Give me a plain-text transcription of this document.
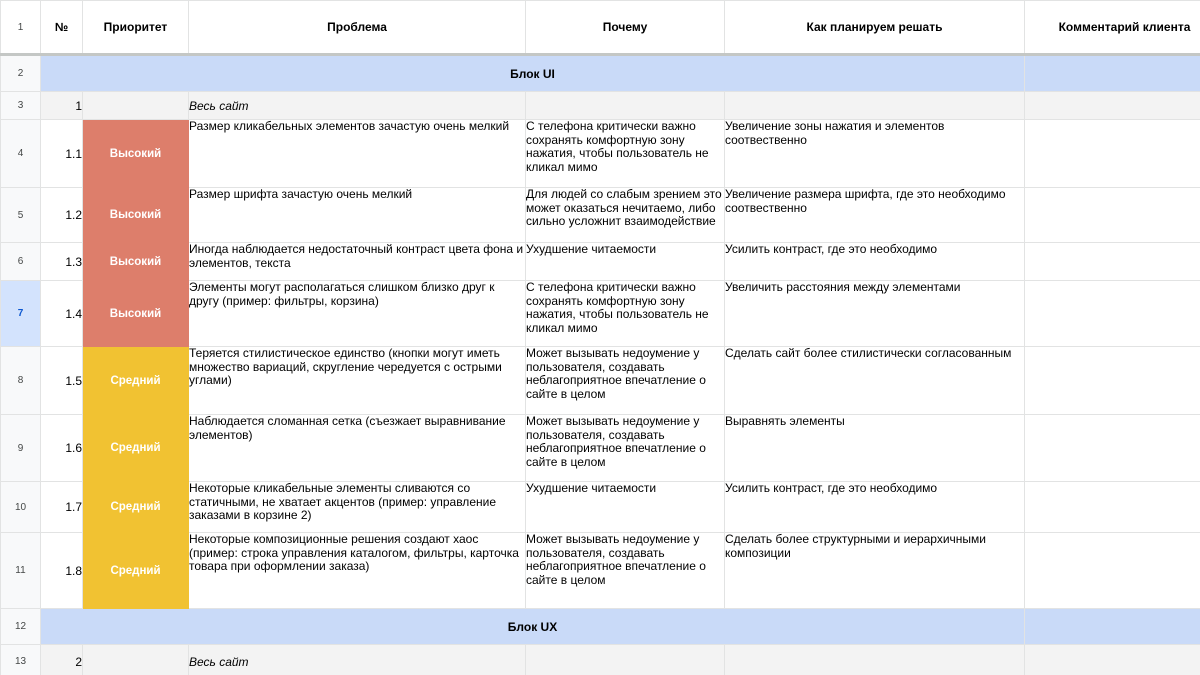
1	№	Приоритет	Проблема	Почему	Как планируем решать	Комментарий клиента
2	Блок UI					
3	1		Весь сайт			
4	1.1	Высокий	Размер кликабельных элементов зачастую очень мелкий	С телефона критически важно сохранять комфортную зону нажатия, чтобы пользователь не кликал мимо	Увеличение зоны нажатия и элементов соотвественно	
5	1.2	Высокий	Размер шрифта зачастую очень мелкий	Для людей со слабым зрением это может оказаться нечитаемо, либо сильно усложнит взаимодействие	Увеличение размера шрифта, где это необходимо соотвественно	
6	1.3	Высокий	Иногда наблюдается недостаточный контраст цвета фона и элементов, текста	Ухудшение читаемости	Усилить контраст, где это необходимо	
7	1.4	Высокий	Элементы могут располагаться слишком близко друг к другу (пример: фильтры, корзина)	С телефона критически важно сохранять комфортную зону нажатия, чтобы пользователь не кликал мимо	Увеличить расстояния между элементами	
8	1.5	Средний	Теряется стилистическое единство (кнопки могут иметь множество вариаций, скругление чередуется с острыми углами)	Может вызывать недоумение у пользователя, создавать неблагоприятное впечатление о сайте в целом	Сделать сайт более стилистически согласованным	
9	1.6	Средний	Наблюдается сломанная сетка (съезжает выравнивание элементов)	Может вызывать недоумение у пользователя, создавать неблагоприятное впечатление о сайте в целом	Выравнять элементы	
10	1.7	Средний	Некоторые кликабельные элементы сливаются со статичными, не хватает акцентов (пример: управление заказами в корзине 2)	Ухудшение читаемости	Усилить контраст, где это необходимо	
11	1.8	Средний	Некоторые композиционные решения создают хаос (пример: строка управления каталогом, фильтры, карточка товара при оформлении заказа)	Может вызывать недоумение у пользователя, создавать неблагоприятное впечатление о сайте в целом	Сделать более структурными и иерархичными композиции	
12	Блок UX					
13	2		Весь сайт			
